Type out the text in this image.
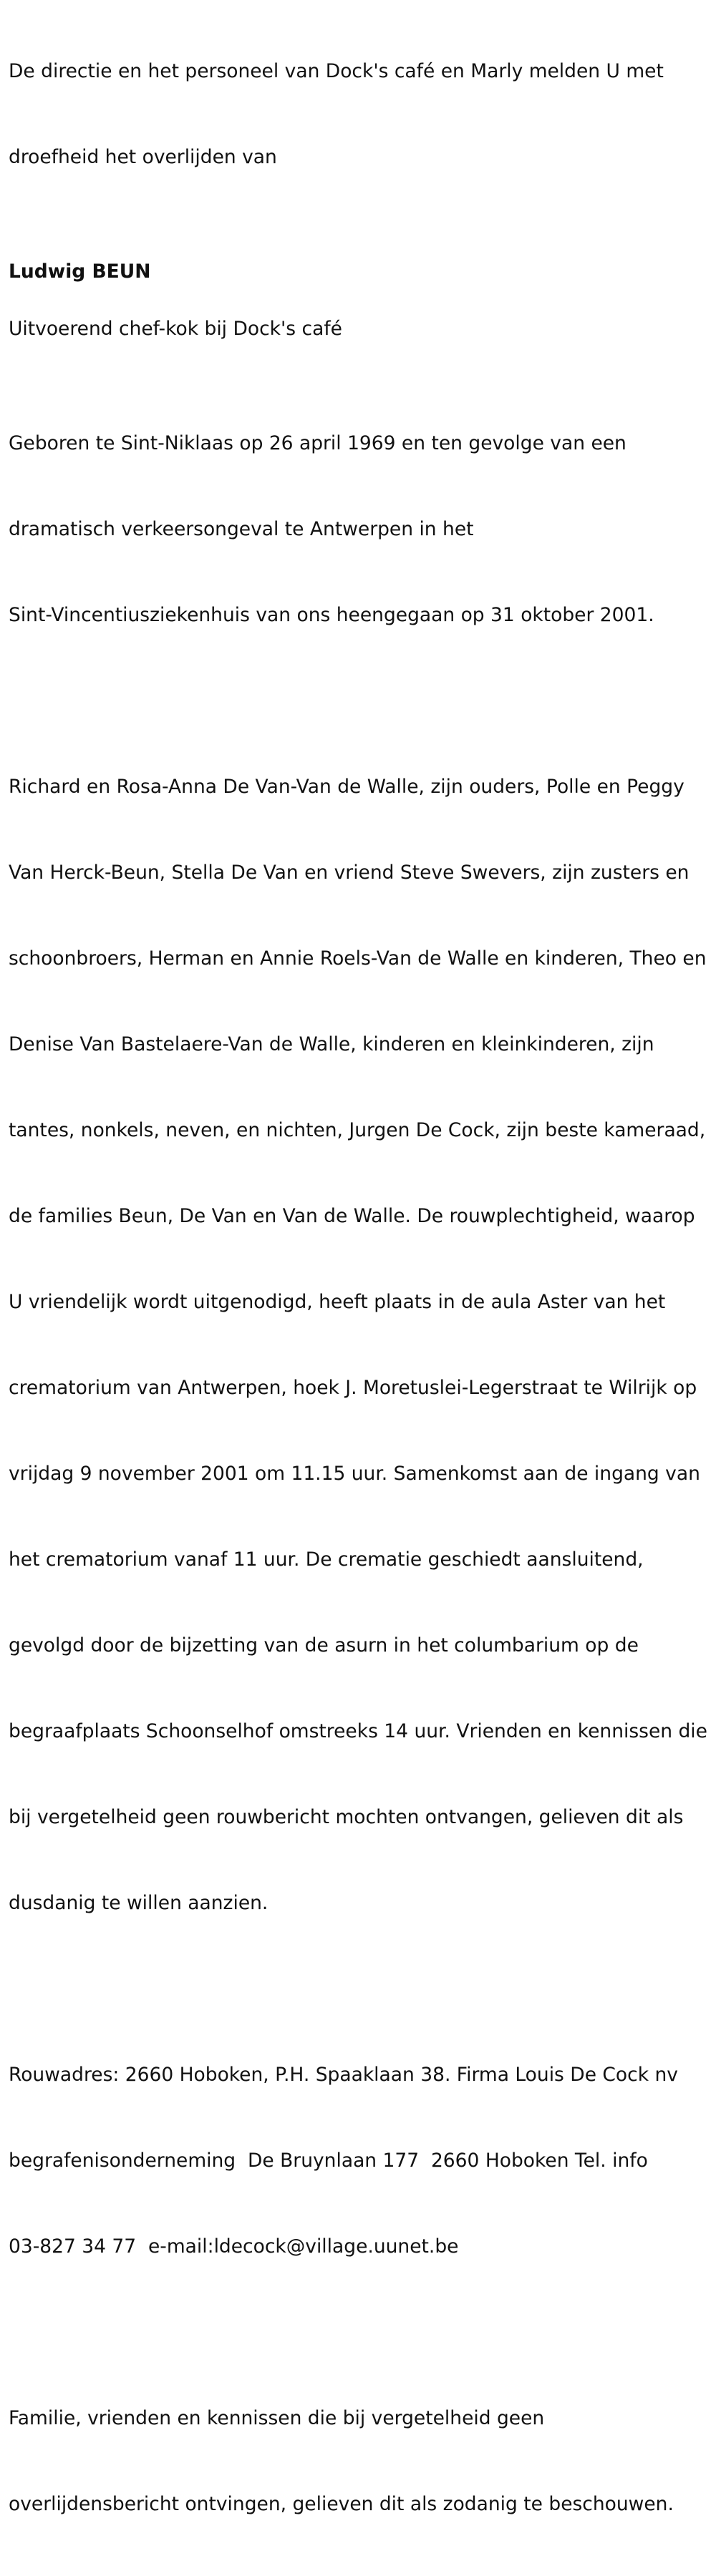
De directie en het personeel van Dock's café en Marly melden U met

droefheid het overlijden van

Ludwig BEUN

Uitvoerend chef-kok bij Dock's café

Geboren te Sint-Niklaas op 26 april 1969 en ten gevolge van een

dramatisch verkeersongeval te Antwerpen in het

Sint-Vincentiusziekenhuis van ons heengegaan op 31 oktober 2001.

Richard en Rosa-Anna De Van-Van de Walle, zijn ouders, Polle en Peggy

Van Herck-Beun, Stella De Van en vriend Steve Swevers, zijn zusters en

schoonbroers, Herman en Annie Roels-Van de Walle en kinderen, Theo en

Denise Van Bastelaere-Van de Walle, kinderen en kleinkinderen, zijn

tantes, nonkels, neven, en nichten, Jurgen De Cock, zijn beste kameraad,

de families Beun, De Van en Van de Walle. De rouwplechtigheid, waarop

U vriendelijk wordt uitgenodigd, heeft plaats in de aula Aster van het

crematorium van Antwerpen, hoek J. Moretuslei-Legerstraat te Wilrijk op

vrijdag 9 november 2001 om 11.15 uur. Samenkomst aan de ingang van

het crematorium vanaf 11 uur. De crematie geschiedt aansluitend,

gevolgd door de bijzetting van de asurn in het columbarium op de

begraafplaats Schoonselhof omstreeks 14 uur. Vrienden en kennissen die

bij vergetelheid geen rouwbericht mochten ontvangen, gelieven dit als

dusdanig te willen aanzien.

Rouwadres: 2660 Hoboken, P.H. Spaaklaan 38. Firma Louis De Cock nv

begrafenisonderneming  De Bruynlaan 177  2660 Hoboken Tel. info

03-827 34 77  e-mail:ldecock@village.uunet.be

Familie, vrienden en kennissen die bij vergetelheid geen

overlijdensbericht ontvingen, gelieven dit als zodanig te beschouwen.
